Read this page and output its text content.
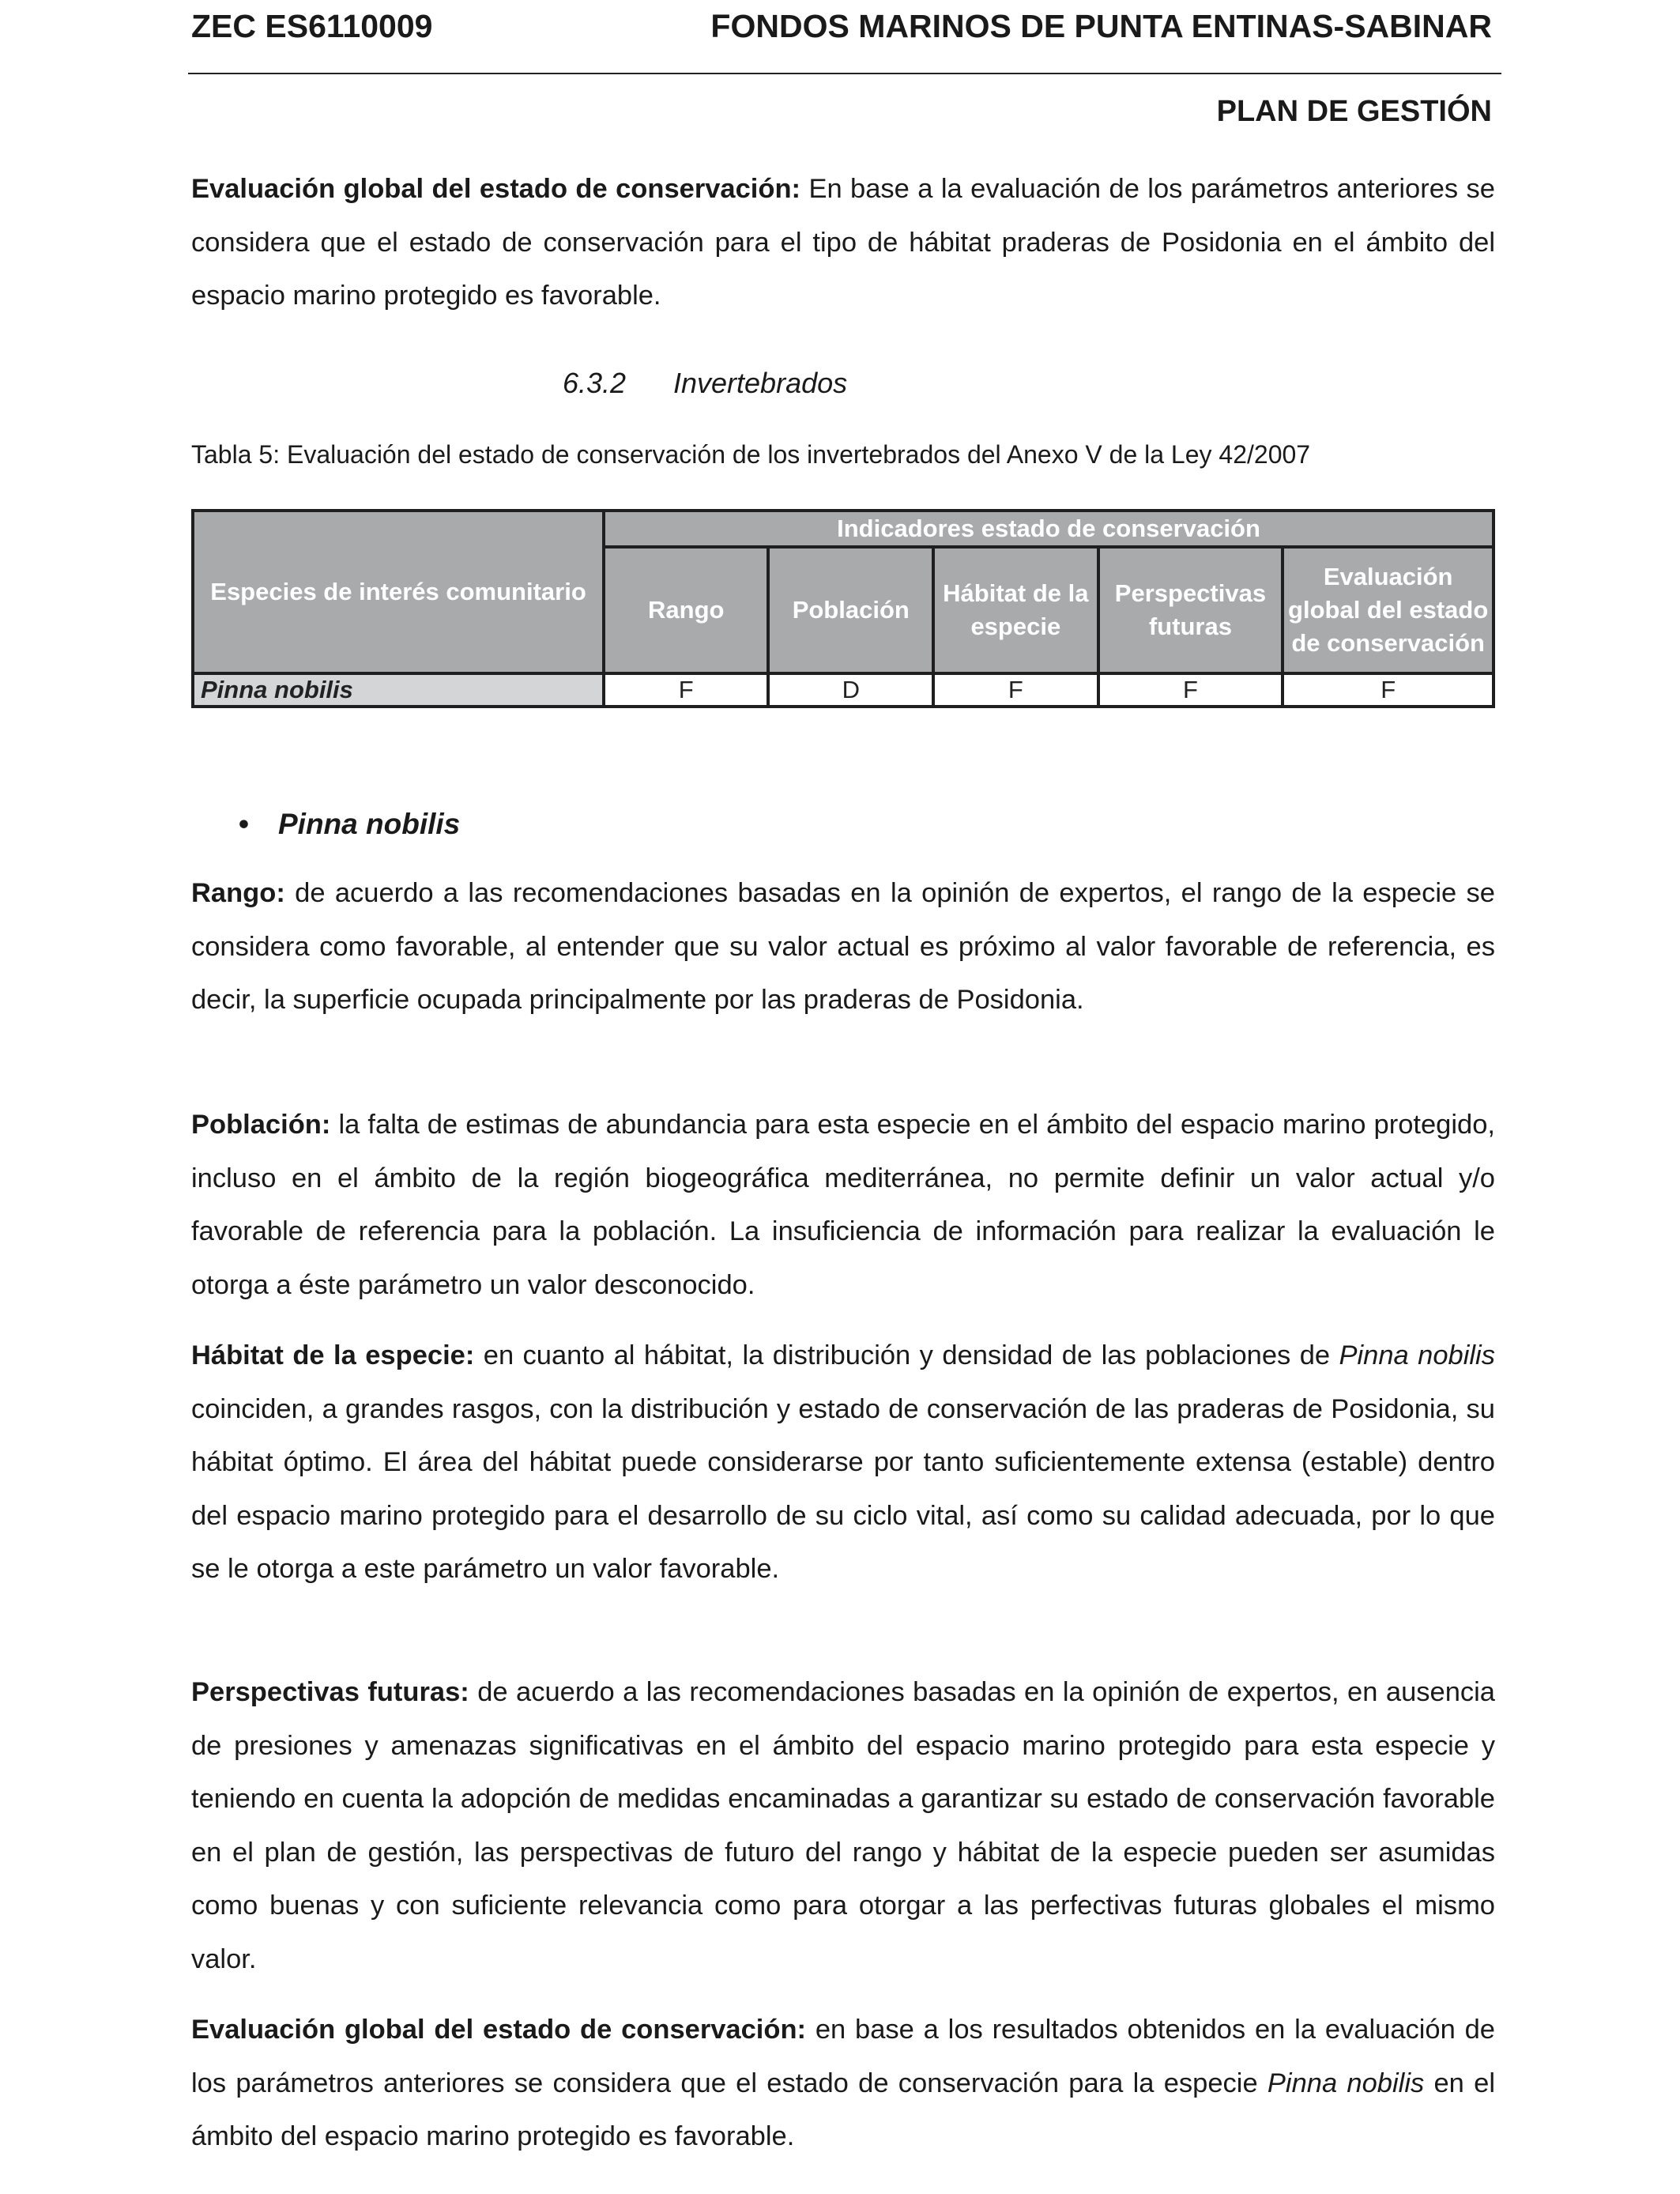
ZEC ES6110009	FONDOS MARINOS DE PUNTA ENTINAS-SABINAR
PLAN DE GESTIÓN

Evaluación global del estado de conservación: En base a la evaluación de los parámetros anteriores se considera que el estado de conservación para el tipo de hábitat praderas de Posidonia en el ámbito del espacio marino protegido es favorable.

6.3.2 Invertebrados
Tabla 5: Evaluación del estado de conservación de los invertebrados del Anexo V de la Ley 42/2007
Especies de interés comunitario	Indicadores estado de conservación				
	Rango	Población	Hábitat de la especie	Perspectivas futuras	Evaluación global del estado de conservación
Pinna nobilis	F	D	F	F	F
• Pinna nobilis

Rango: de acuerdo a las recomendaciones basadas en la opinión de expertos, el rango de la especie se considera como favorable, al entender que su valor actual es próximo al valor favorable de referencia, es decir, la superficie ocupada principalmente por las praderas de Posidonia.

Población: la falta de estimas de abundancia para esta especie en el ámbito del espacio marino protegido, incluso en el ámbito de la región biogeográfica mediterránea, no permite definir un valor actual y/o favorable de referencia para la población. La insuficiencia de información para realizar la evaluación le otorga a éste parámetro un valor desconocido.

Hábitat de la especie: en cuanto al hábitat, la distribución y densidad de las poblaciones de Pinna nobilis coinciden, a grandes rasgos, con la distribución y estado de conservación de las praderas de Posidonia, su hábitat óptimo. El área del hábitat puede considerarse por tanto suficientemente extensa (estable) dentro del espacio marino protegido para el desarrollo de su ciclo vital, así como su calidad adecuada, por lo que se le otorga a este parámetro un valor favorable.

Perspectivas futuras: de acuerdo a las recomendaciones basadas en la opinión de expertos, en ausencia de presiones y amenazas significativas en el ámbito del espacio marino protegido para esta especie y teniendo en cuenta la adopción de medidas encaminadas a garantizar su estado de conservación favorable en el plan de gestión, las perspectivas de futuro del rango y hábitat de la especie pueden ser asumidas como buenas y con suficiente relevancia como para otorgar a las perfectivas futuras globales el mismo valor.

Evaluación global del estado de conservación: en base a los resultados obtenidos en la evaluación de los parámetros anteriores se considera que el estado de conservación para la especie Pinna nobilis en el ámbito del espacio marino protegido es favorable.
